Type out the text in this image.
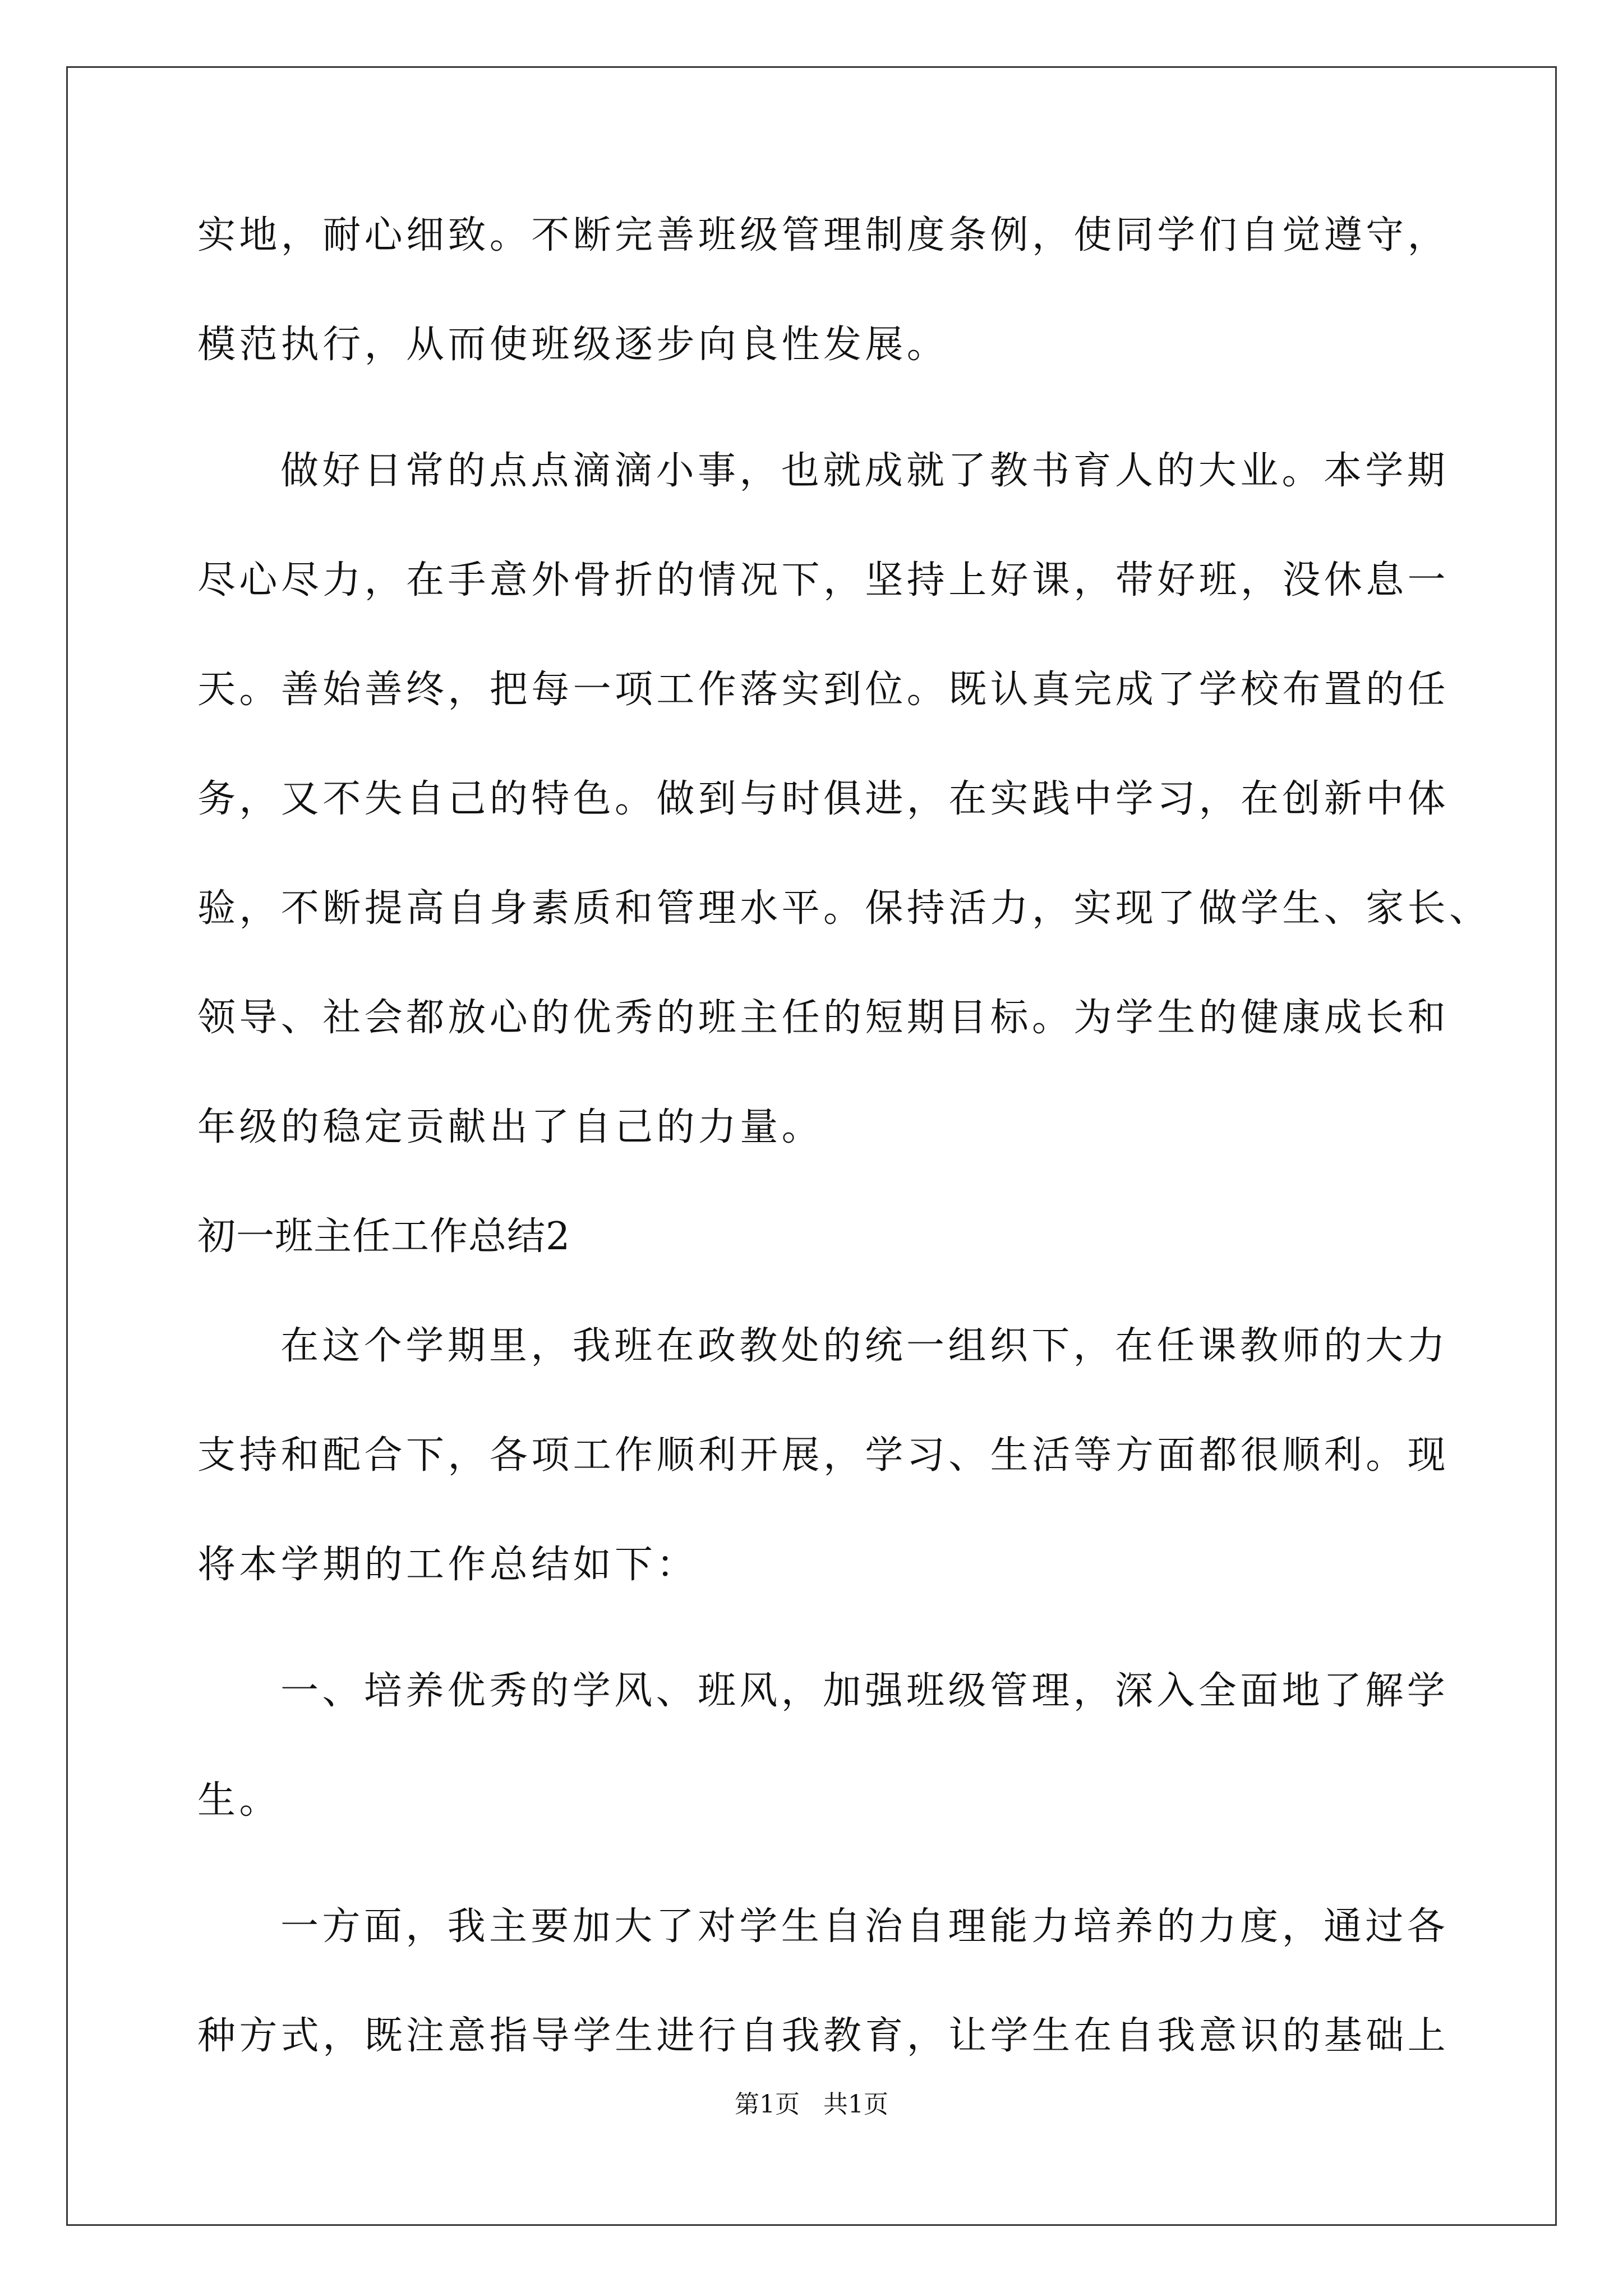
实地，耐心细致。不断完善班级管理制度条例，使同学们自觉遵守，
模范执行，从而使班级逐步向良性发展。
做好日常的点点滴滴小事，也就成就了教书育人的大业。本学期
尽心尽力，在手意外骨折的情况下，坚持上好课，带好班，没休息一
天。善始善终，把每一项工作落实到位。既认真完成了学校布置的任
务，又不失自己的特色。做到与时俱进，在实践中学习，在创新中体
验，不断提高自身素质和管理水平。保持活力，实现了做学生、家长、
领导、社会都放心的优秀的班主任的短期目标。为学生的健康成长和
年级的稳定贡献出了自己的力量。
初一班主任工作总结2
在这个学期里，我班在政教处的统一组织下，在任课教师的大力
支持和配合下，各项工作顺利开展，学习、生活等方面都很顺利。现
将本学期的工作总结如下：
一、培养优秀的学风、班风，加强班级管理，深入全面地了解学
生。
一方面，我主要加大了对学生自治自理能力培养的力度，通过各
种方式，既注意指导学生进行自我教育，让学生在自我意识的基础上
第1页   共1页
